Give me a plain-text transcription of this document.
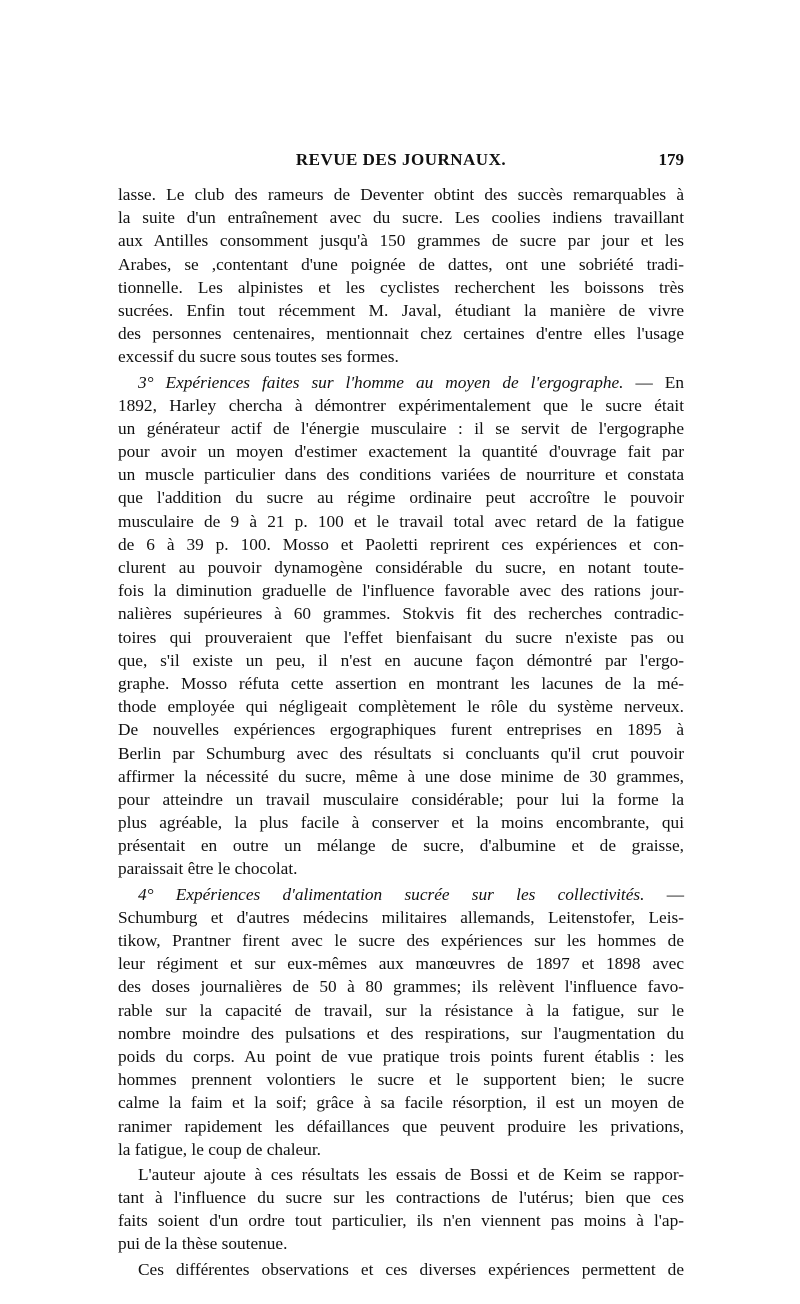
REVUE DES JOURNAUX.	179
lasse. Le club des rameurs de Deventer obtint des succès remarquables à
la suite d'un entraînement avec du sucre. Les coolies indiens travaillant
aux Antilles consomment jusqu'à 150 grammes de sucre par jour et les
Arabes, se ,contentant d'une poignée de dattes, ont une sobriété tradi-
tionnelle. Les alpinistes et les cyclistes recherchent les boissons très
sucrées. Enfin tout récemment M. Javal, étudiant la manière de vivre
des personnes centenaires, mentionnait chez certaines d'entre elles l'usage
excessif du sucre sous toutes ses formes.
3° Expériences faites sur l'homme au moyen de l'ergographe. — En
1892, Harley chercha à démontrer expérimentalement que le sucre était
un générateur actif de l'énergie musculaire : il se servit de l'ergographe
pour avoir un moyen d'estimer exactement la quantité d'ouvrage fait par
un muscle particulier dans des conditions variées de nourriture et constata
que l'addition du sucre au régime ordinaire peut accroître le pouvoir
musculaire de 9 à 21 p. 100 et le travail total avec retard de la fatigue
de 6 à 39 p. 100. Mosso et Paoletti reprirent ces expériences et con-
clurent au pouvoir dynamogène considérable du sucre, en notant toute-
fois la diminution graduelle de l'influence favorable avec des rations jour-
nalières supérieures à 60 grammes. Stokvis fit des recherches contradic-
toires qui prouveraient que l'effet bienfaisant du sucre n'existe pas ou
que, s'il existe un peu, il n'est en aucune façon démontré par l'ergo-
graphe. Mosso réfuta cette assertion en montrant les lacunes de la mé-
thode employée qui négligeait complètement le rôle du système nerveux.
De nouvelles expériences ergographiques furent entreprises en 1895 à
Berlin par Schumburg avec des résultats si concluants qu'il crut pouvoir
affirmer la nécessité du sucre, même à une dose minime de 30 grammes,
pour atteindre un travail musculaire considérable; pour lui la forme la
plus agréable, la plus facile à conserver et la moins encombrante, qui
présentait en outre un mélange de sucre, d'albumine et de graisse,
paraissait être le chocolat.
4° Expériences d'alimentation sucrée sur les collectivités. —
Schumburg et d'autres médecins militaires allemands, Leitenstofer, Leis-
tikow, Prantner firent avec le sucre des expériences sur les hommes de
leur régiment et sur eux-mêmes aux manœuvres de 1897 et 1898 avec
des doses journalières de 50 à 80 grammes; ils relèvent l'influence favo-
rable sur la capacité de travail, sur la résistance à la fatigue, sur le
nombre moindre des pulsations et des respirations, sur l'augmentation du
poids du corps. Au point de vue pratique trois points furent établis : les
hommes prennent volontiers le sucre et le supportent bien; le sucre
calme la faim et la soif; grâce à sa facile résorption, il est un moyen de
ranimer rapidement les défaillances que peuvent produire les privations,
la fatigue, le coup de chaleur.
L'auteur ajoute à ces résultats les essais de Bossi et de Keim se rappor-
tant à l'influence du sucre sur les contractions de l'utérus; bien que ces
faits soient d'un ordre tout particulier, ils n'en viennent pas moins à l'ap-
pui de la thèse soutenue.
Ces différentes observations et ces diverses expériences permettent de
